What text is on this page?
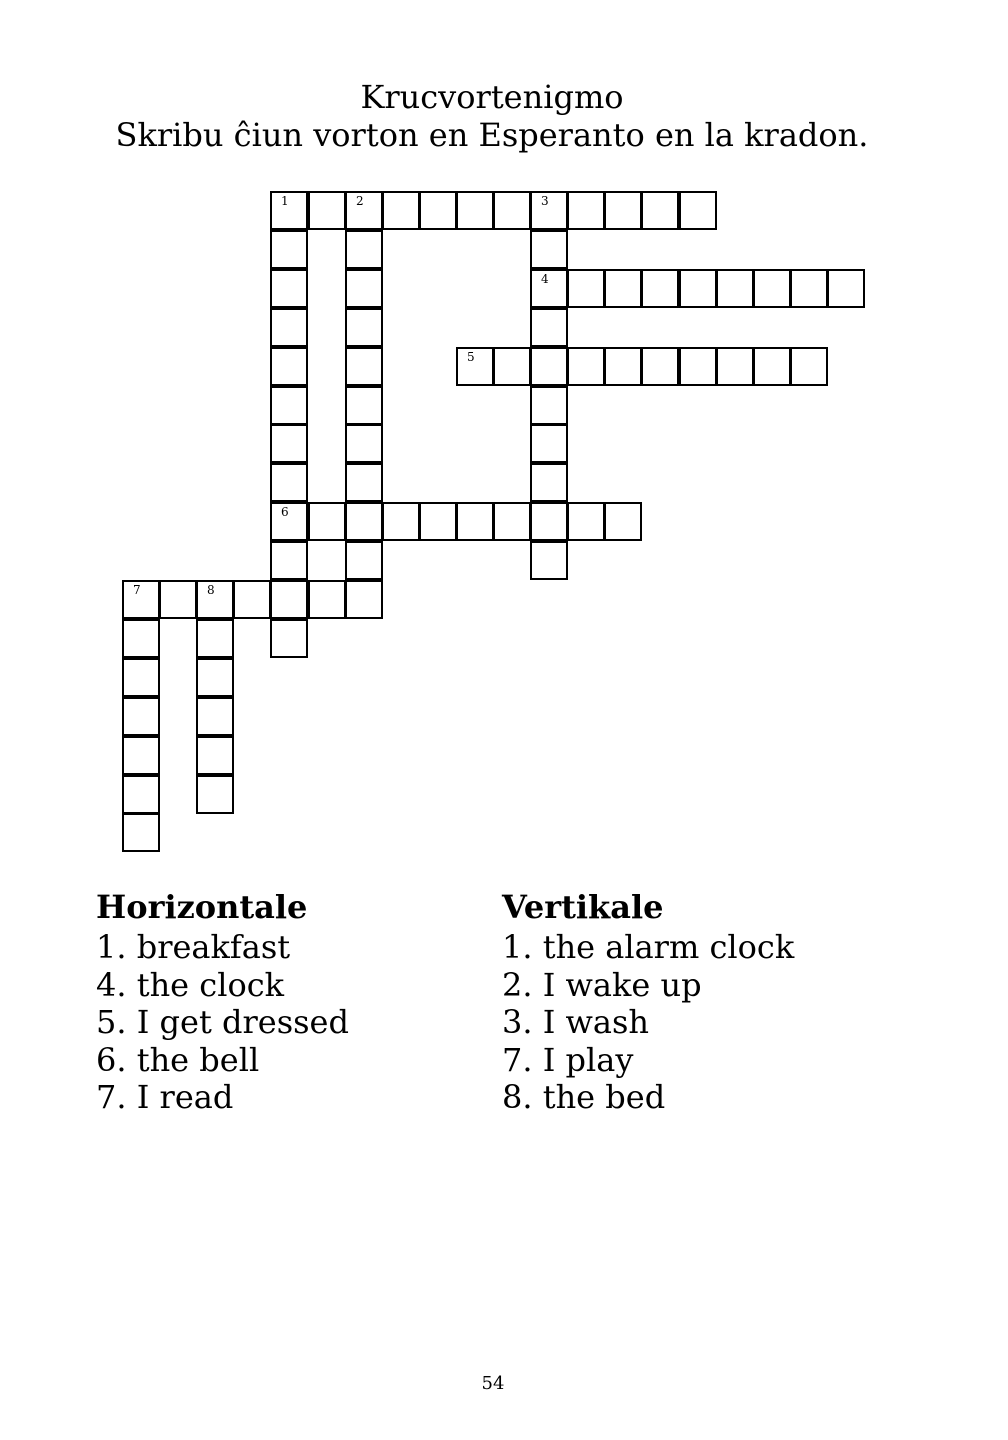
Krucvortenigmo
Skribu ĉiun vorton en Esperanto en la kradon.
1	2	3
4
5
6
7	8
Horizontale
1. breakfast
4. the clock
5. I get dressed
6. the bell
7. I read
Vertikale
1. the alarm clock
2. I wake up
3. I wash
7. I play
8. the bed
54
